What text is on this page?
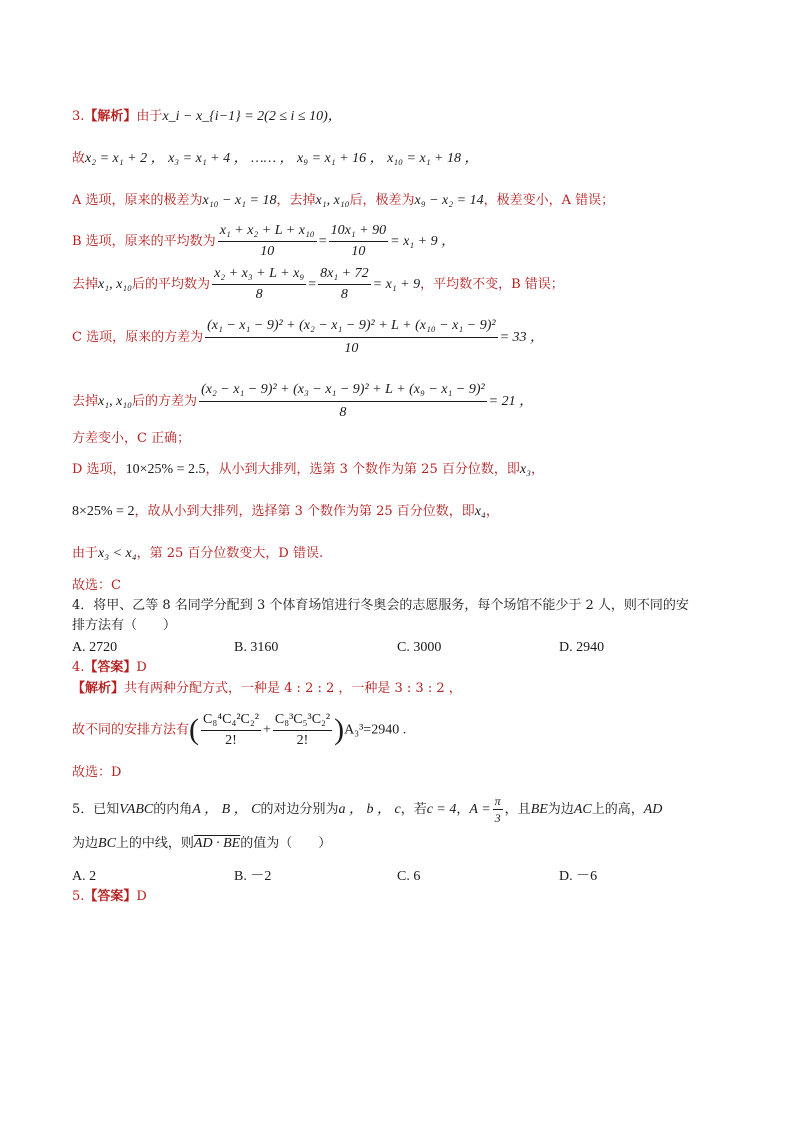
3.【解析】由于x_i − x_{i−1} = 2(2 ≤ i ≤ 10)，
故x₂ = x₁ + 2 ， x₃ = x₁ + 4 ， …… ， x₉ = x₁ + 16 ， x₁₀ = x₁ + 18 ，
A 选项，原来的极差为x₁₀ − x₁ = 18，去掉x₁, x₁₀后，极差为x₉ − x₂ = 14，极差变小，A 错误；
B 选项，原来的平均数为 $\frac{\text{x₁ + x₂ + L + x₁₀}}{10} = \frac{\text{10x₁ + 90}}{10} = x_1 + 9$ ，
去掉x₁, x₁₀后的平均数为 $\frac{\text{x₂ + x₃ + L + x₉}}{8} = \frac{\text{8x₁ + 72}}{8} = x_1 + 9$，平均数不变，B 错误；
C 选项，原来的方差为 $\frac{\text{(x₁ − x₁ − 9)² + (x₂ − x₁ − 9)² + L + (x₁₀ − x₁ − 9)²}}{10} = 33$ ，
去掉x₁, x₁₀后的方差为 $\frac{\text{(x₂ − x₁ − 9)² + (x₃ − x₁ − 9)² + L + (x₉ − x₁ − 9)²}}{8} = 21$ ，
方差变小，C 正确；
D 选项，10×25% = 2.5，从小到大排列，选第 3 个数作为第 25 百分位数，即x₃，
8×25% = 2，故从小到大排列，选择第 3 个数作为第 25 百分位数，即x₄，
由于x₃ < x₄，第 25 百分位数变大，D 错误.
故选：C
4．将甲、乙等 8 名同学分配到 3 个体育场馆进行冬奥会的志愿服务，每个场馆不能少于 2 人，则不同的安
排方法有（　　）
A. 2720	B. 3160	C. 3000	D. 2940
4.【答案】D
【解析】共有两种分配方式，一种是 4 : 2 : 2 ，一种是 3 : 3 : 2 ，
故不同的安排方法有( $\frac{\text{C₈⁴C₄²C₂²}}{2!} + \frac{\text{C₈³C₅³C₂²}}{2!} )A_3^3=2940$ .
故选：D
5．已知VABC的内角A ， B ， C的对边分别为a ， b ， c，若c = 4，$A = \frac{\pi}{3}$ ，且BE为边AC上的高，AD
为边BC上的中线，则AD · BE的值为（　　）
A. 2	B. －2	C. 6	D. －6
5.【答案】D
